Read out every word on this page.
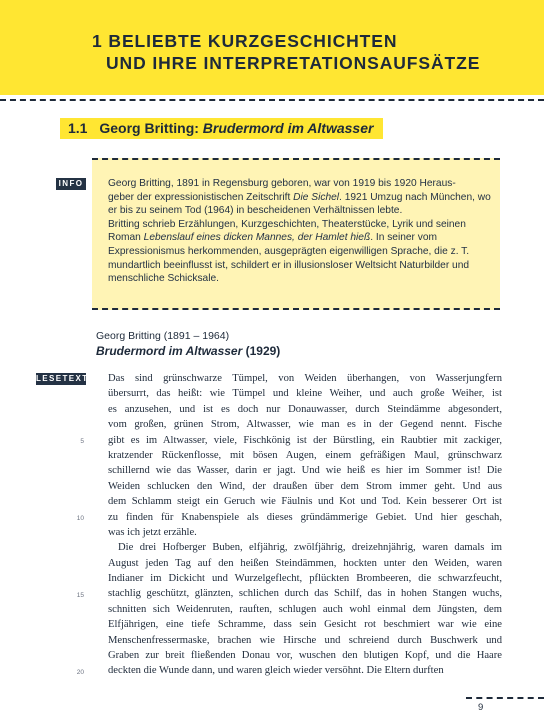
1 BELIEBTE KURZGESCHICHTEN
UND IHRE INTERPRETATIONSAUFSÄTZE
1.1 Georg Britting: Brudermord im Altwasser
INFO Georg Britting, 1891 in Regensburg geboren, war von 1919 bis 1920 Heraus-
geber der expressionistischen Zeitschrift Die Sichel. 1921 Umzug nach München, wo er bis zu seinem Tod (1964) in bescheidenen Verhältnissen lebte.

Britting schrieb Erzählungen, Kurzgeschichten, Theaterstücke, Lyrik und seinen Roman Lebenslauf eines dicken Mannes, der Hamlet hieß. In seiner vom Expressionismus herkommenden, ausgeprägten eigenwilligen Sprache, die z. T. mundartlich beeinflusst ist, schildert er in illusionsloser Weltsicht Naturbilder und menschliche Schicksale.

Georg Britting (1891 – 1964)
Brudermord im Altwasser (1929)
LESETEXT Das sind grünschwarze Tümpel, von Weiden überhangen, von Wasserjungfern
übersurrt, das heißt: wie Tümpel und kleine Weiher, und auch große Weiher, ist
es anzusehen, und ist es doch nur Donauwasser, durch Steindämme abgesondert,
vom großen, grünen Strom, Altwasser, wie man es in der Gegend nennt. Fische
gibt es im Altwasser, viele, Fischkönig ist der Bürstling, ein Raubtier mit zackiger,
kratzender Rückenflosse, mit bösen Augen, einem gefräßigen Maul, grünschwarz
schillernd wie das Wasser, darin er jagt. Und wie heiß es hier im Sommer ist! Die
Weiden schlucken den Wind, der draußen über dem Strom immer geht. Und aus
dem Schlamm steigt ein Geruch wie Fäulnis und Kot und Tod. Kein besserer Ort ist
zu finden für Knabenspiele als dieses gründämmerige Gebiet. Und hier geschah,
was ich jetzt erzähle.
Die drei Hofberger Buben, elfjährig, zwölfjährig, dreizehnjährig, waren damals im
August jeden Tag auf den heißen Steindämmen, hockten unter den Weiden, waren
Indianer im Dickicht und Wurzelgeflecht, pflückten Brombeeren, die schwarzfeucht,
stachlig geschützt, glänzten, schlichen durch das Schilf, das in hohen Stangen wuchs,
schnitten sich Weidenruten, rauften, schlugen auch wohl einmal dem Jüngsten, dem
Elfjährigen, eine tiefe Schramme, dass sein Gesicht rot beschmiert war wie eine
Menschenfressermaske, brachen wie Hirsche und schreiend durch Buschwerk und
Graben zur breit fließenden Donau vor, wuschen den blutigen Kopf, und die Haare
deckten die Wunde dann, und waren gleich wieder versöhnt. Die Eltern durften
9
5
10
15
20
